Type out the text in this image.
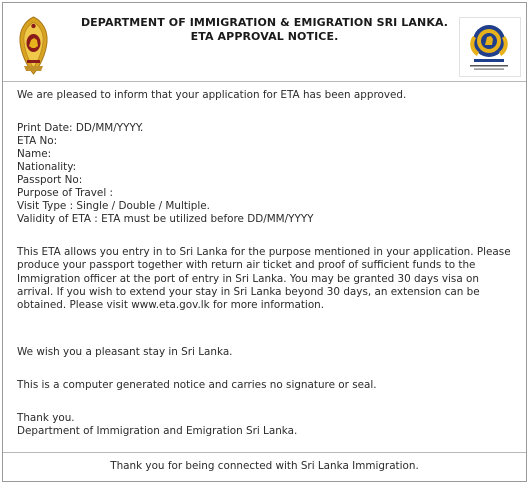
DEPARTMENT OF IMMIGRATION & EMIGRATION SRI LANKA.
ETA APPROVAL NOTICE.
We are pleased to inform that your application for ETA has been approved.
Print Date: DD/MM/YYYY.
ETA No:
Name:
Nationality:
Passport No:
Purpose of Travel :
Visit Type : Single / Double / Multiple.
Validity of ETA : ETA must be utilized before DD/MM/YYYY
This ETA allows you entry in to Sri Lanka for the purpose mentioned in your application. Please produce your passport together with return air ticket and proof of sufficient funds to the Immigration officer at the port of entry in Sri Lanka. You may be granted 30 days visa on arrival. If you wish to extend your stay in Sri Lanka beyond 30 days, an extension can be obtained. Please visit www.eta.gov.lk for more information.
We wish you a pleasant stay in Sri Lanka.
This is a computer generated notice and carries no signature or seal.
Thank you.
Department of Immigration and Emigration Sri Lanka.
Thank you for being connected with Sri Lanka Immigration.
